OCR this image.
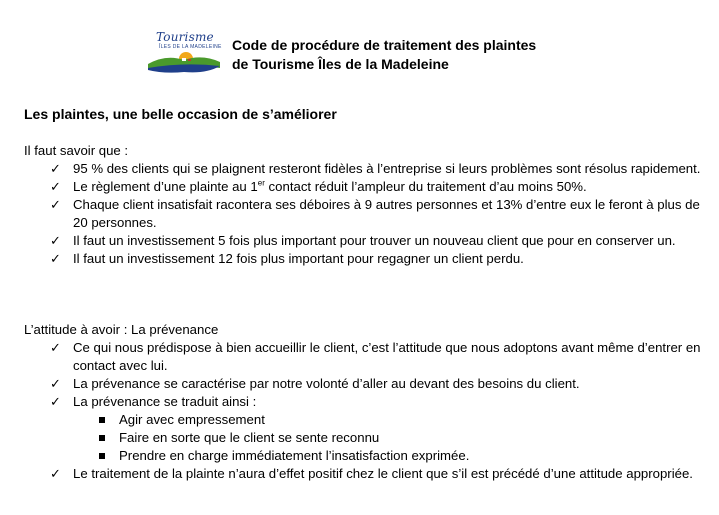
Tourisme
ÎLES DE LA MADELEINE Code de procédure de traitement des plaintes
de Tourisme Îles de la Madeleine
Les plaintes, une belle occasion de s’améliorer
Il faut savoir que :
✓ 95 % des clients qui se plaignent resteront fidèles à l’entreprise si leurs problèmes sont résolus rapidement.
✓ Le règlement d’une plainte au 1er contact réduit l’ampleur du traitement d’au moins 50%.
✓ Chaque client insatisfait racontera ses déboires à 9 autres personnes et 13% d’entre eux le feront à plus de 20 personnes.
✓ Il faut un investissement 5 fois plus important pour trouver un nouveau client que pour en conserver un.
✓ Il faut un investissement 12 fois plus important pour regagner un client perdu.
L’attitude à avoir : La prévenance
✓ Ce qui nous prédispose à bien accueillir le client, c’est l’attitude que nous adoptons avant même d’entrer en contact avec lui.
✓ La prévenance se caractérise par notre volonté d’aller au devant des besoins du client.
✓ La prévenance se traduit ainsi :
Agir avec empressement
Faire en sorte que le client se sente reconnu
Prendre en charge immédiatement l’insatisfaction exprimée.
✓ Le traitement de la plainte n’aura d’effet positif chez le client que s’il est précédé d’une attitude appropriée.
